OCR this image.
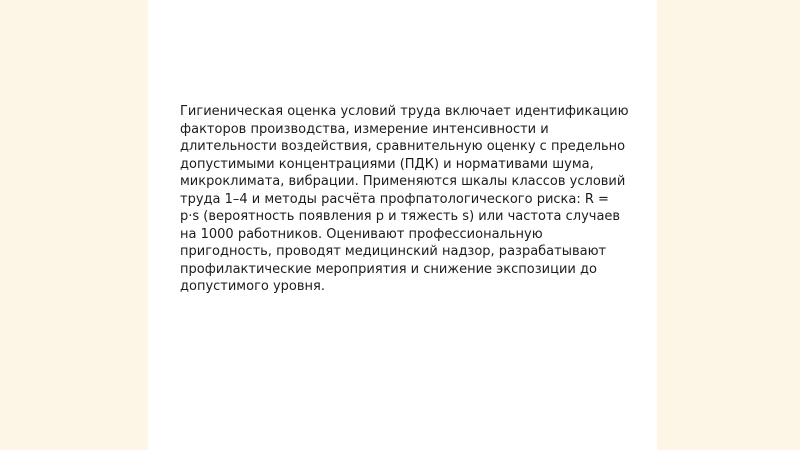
Гигиеническая оценка условий труда включает идентификацию факторов производства, измерение интенсивности и длительности воздействия, сравнительную оценку с предельно допустимыми концентрациями (ПДК) и нормативами шума, микроклимата, вибрации. Применяются шкалы классов условий труда 1–4 и методы расчёта профпатологического риска: R = p·s (вероятность появления p и тяжесть s) или частота случаев на 1000 работников. Оценивают профессиональную пригодность, проводят медицинский надзор, разрабатывают профилактические мероприятия и снижение экспозиции до допустимого уровня.
